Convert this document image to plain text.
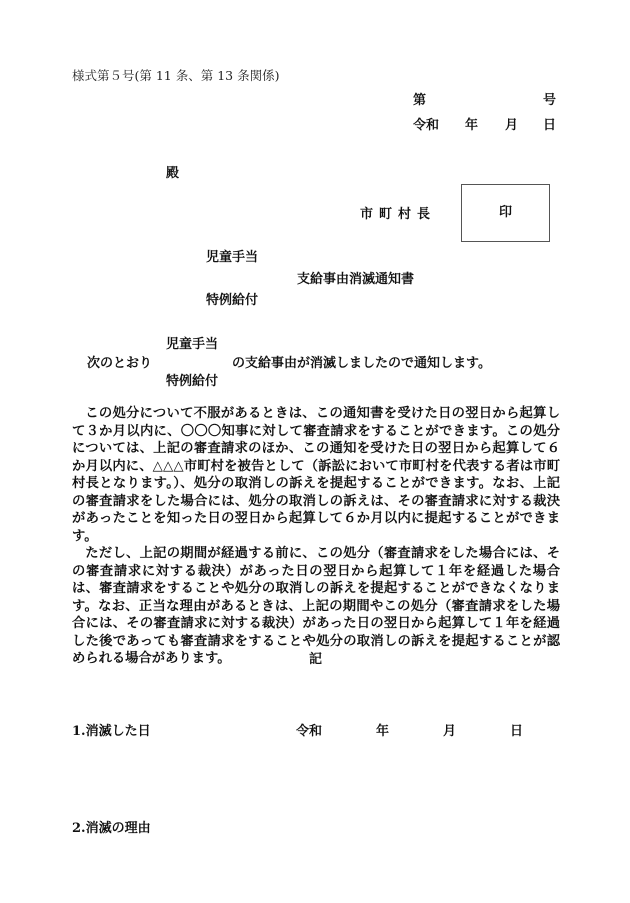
様式第５号(第 11 条、第 13 条関係)
第	号
令和 年 月 日
殿
市町村長	印
児童手当
支給事由消滅通知書
特例給付
児童手当
次のとおり	の支給事由が消滅しましたので通知します。
特例給付

この処分について不服があるときは、この通知書を受けた日の翌日から起算して３か月以内に、〇〇〇知事に対して審査請求をすることができます。この処分については、上記の審査請求のほか、この通知を受けた日の翌日から起算して６か月以内に、△△△市町村を被告として（訴訟において市町村を代表する者は市町村長となります。）、処分の取消しの訴えを提起することができます。なお、上記の審査請求をした場合には、処分の取消しの訴えは、その審査請求に対する裁決があったことを知った日の翌日から起算して６か月以内に提起することができます。

ただし、上記の期間が経過する前に、この処分（審査請求をした場合には、その審査請求に対する裁決）があった日の翌日から起算して１年を経過した場合は、審査請求をすることや処分の取消しの訴えを提起することができなくなります。なお、正当な理由があるときは、上記の期間やこの処分（審査請求をした場合には、その審査請求に対する裁決）があった日の翌日から起算して１年を経過した後であっても審査請求をすることや処分の取消しの訴えを提起することが認められる場合があります。	記
1.消滅した日	令和	年	月	日
2.消滅の理由
